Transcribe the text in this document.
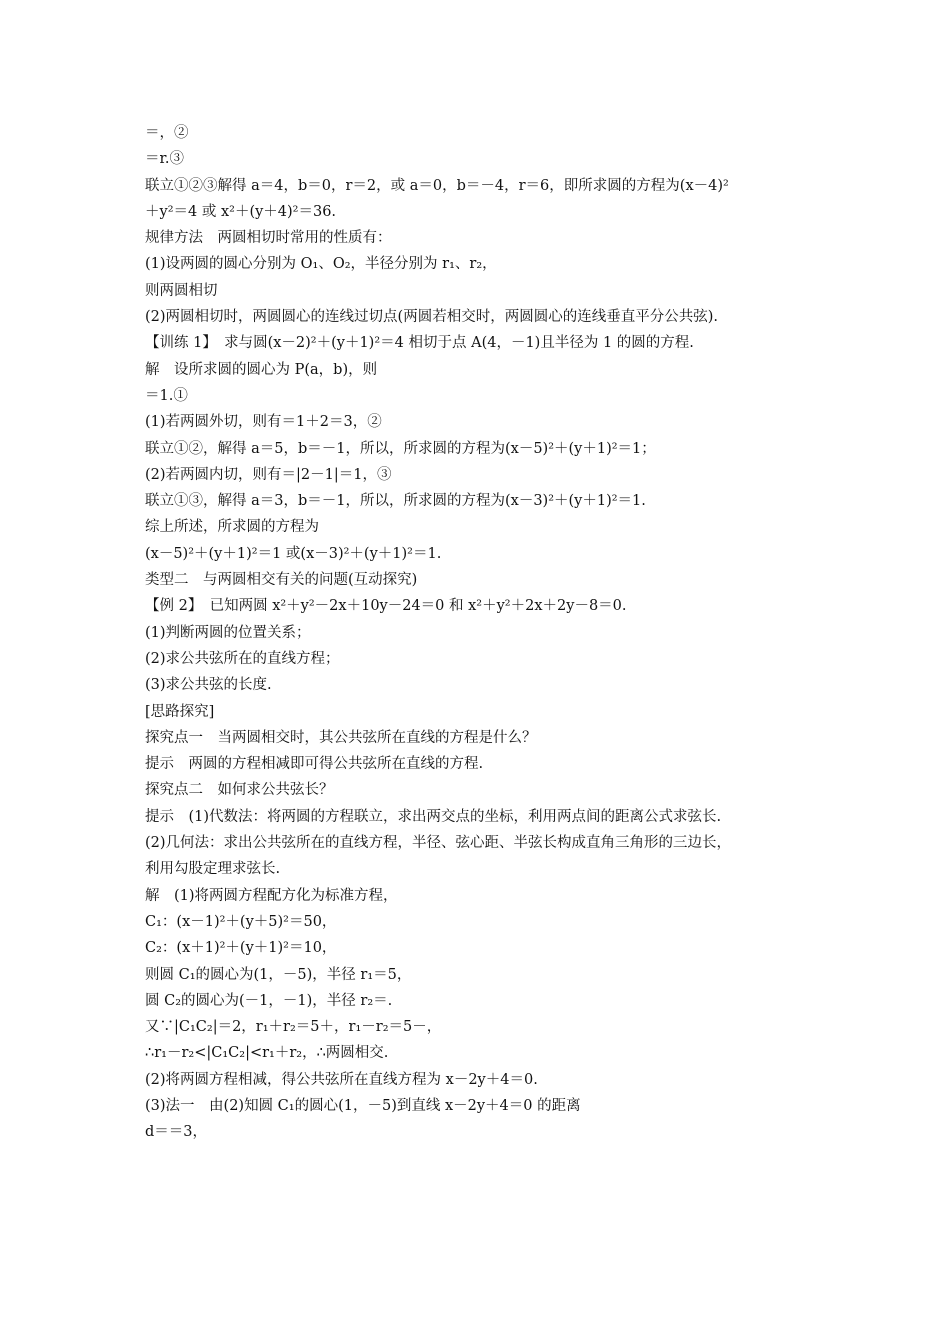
＝，②
＝r.③
联立①②③解得 a＝4，b＝0，r＝2，或 a＝0，b＝－4，r＝6，即所求圆的方程为(x－4)²
＋y²＝4 或 x²＋(y＋4)²＝36.
规律方法　两圆相切时常用的性质有：
(1)设两圆的圆心分别为 O₁、O₂，半径分别为 r₁、r₂，
则两圆相切
(2)两圆相切时，两圆圆心的连线过切点(两圆若相交时，两圆圆心的连线垂直平分公共弦).
【训练 1】　求与圆(x－2)²＋(y＋1)²＝4 相切于点 A(4，－1)且半径为 1 的圆的方程.
解　设所求圆的圆心为 P(a，b)，则
＝1.①
(1)若两圆外切，则有＝1＋2＝3，②
联立①②，解得 a＝5，b＝－1，所以，所求圆的方程为(x－5)²＋(y＋1)²＝1；
(2)若两圆内切，则有＝|2－1|＝1，③
联立①③，解得 a＝3，b＝－1，所以，所求圆的方程为(x－3)²＋(y＋1)²＝1.
综上所述，所求圆的方程为
(x－5)²＋(y＋1)²＝1 或(x－3)²＋(y＋1)²＝1.
类型二　与两圆相交有关的问题(互动探究)
【例 2】　已知两圆 x²＋y²－2x＋10y－24＝0 和 x²＋y²＋2x＋2y－8＝0.
(1)判断两圆的位置关系；
(2)求公共弦所在的直线方程；
(3)求公共弦的长度.
[思路探究]
探究点一　当两圆相交时，其公共弦所在直线的方程是什么？
提示　两圆的方程相减即可得公共弦所在直线的方程.
探究点二　如何求公共弦长？
提示　(1)代数法：将两圆的方程联立，求出两交点的坐标，利用两点间的距离公式求弦长.
(2)几何法：求出公共弦所在的直线方程，半径、弦心距、半弦长构成直角三角形的三边长，
利用勾股定理求弦长.
解　(1)将两圆方程配方化为标准方程，
C₁：(x－1)²＋(y＋5)²＝50，
C₂：(x＋1)²＋(y＋1)²＝10，
则圆 C₁的圆心为(1，－5)，半径 r₁＝5，
圆 C₂的圆心为(－1，－1)，半径 r₂＝.
又∵|C₁C₂|＝2，r₁＋r₂＝5＋，r₁－r₂＝5－，
∴r₁－r₂<|C₁C₂|<r₁＋r₂，∴两圆相交.
(2)将两圆方程相减，得公共弦所在直线方程为 x－2y＋4＝0.
(3)法一　由(2)知圆 C₁的圆心(1，－5)到直线 x－2y＋4＝0 的距离
d＝＝3，
